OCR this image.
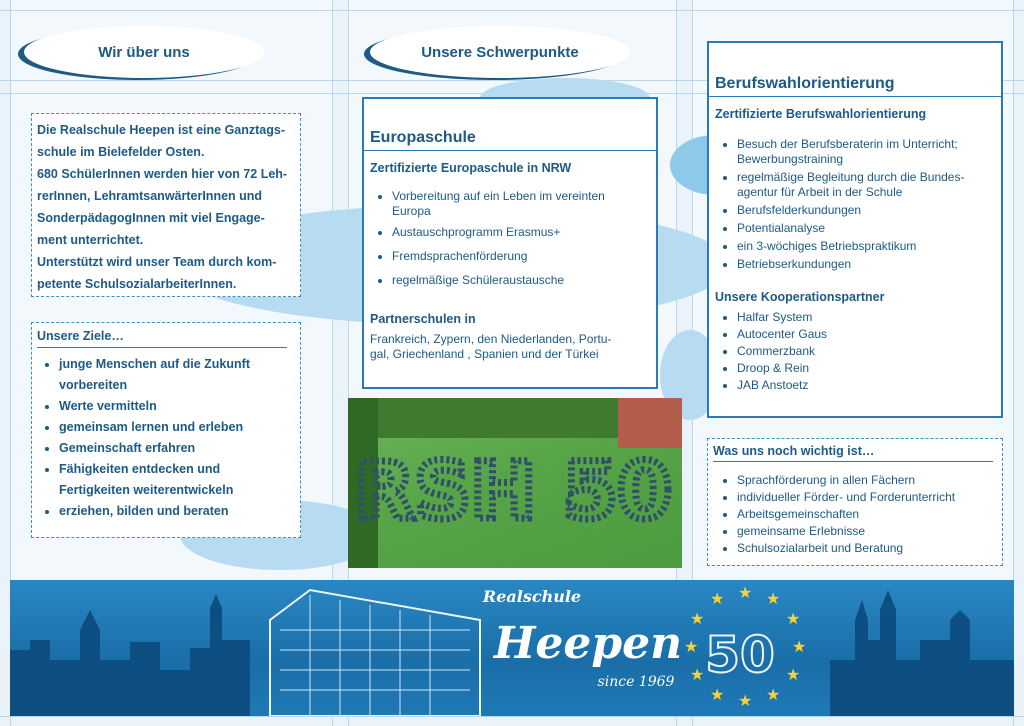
Wir über uns
Die Realschule Heepen ist eine Ganztags-
schule im Bielefelder Osten.
680 SchülerInnen werden hier von 72 Leh-
rerInnen, LehramtsanwärterInnen und
SonderpädagogInnen mit viel Engage-
ment unterrichtet.
Unterstützt wird unser Team durch kom-
petente SchulsozialarbeiterInnen.
Unsere Ziele…
• junge Menschen auf die Zukunft
vorbereiten
• Werte vermitteln
• gemeinsam lernen und erleben
• Gemeinschaft erfahren
• Fähigkeiten entdecken und
Fertigkeiten weiterentwickeln
• erziehen, bilden und beraten
Unsere Schwerpunkte
Europaschule
Zertifizierte Europaschule in NRW
• Vorbereitung auf ein Leben im vereinten
Europa
• Austauschprogramm Erasmus+
• Fremdsprachenförderung
• regelmäßige Schüleraustausche
Partnerschulen in
Frankreich, Zypern, den Niederlanden, Portu-
gal, Griechenland , Spanien und der Türkei
RSH 50
Berufswahlorientierung
Zertifizierte Berufswahlorientierung
• Besuch der Berufsberaterin im Unterricht;
Bewerbungstraining
• regelmäßige Begleitung durch die Bundes-
agentur für Arbeit in der Schule
• Berufsfelderkundungen
• Potentialanalyse
• ein 3-wöchiges Betriebspraktikum
• Betriebserkundungen
Unsere Kooperationspartner
• Halfar System
• Autocenter Gaus
• Commerzbank
• Droop & Rein
• JAB Anstoetz
Was uns noch wichtig ist…
• Sprachförderung in allen Fächern
• individueller Förder- und Forderunterricht
• Arbeitsgemeinschaften
• gemeinsame Erlebnisse
• Schulsozialarbeit und Beratung
★ ★ ★
★
★
★
★
★
★
★
★
★
Realschule
Heepen
since 1969 50
